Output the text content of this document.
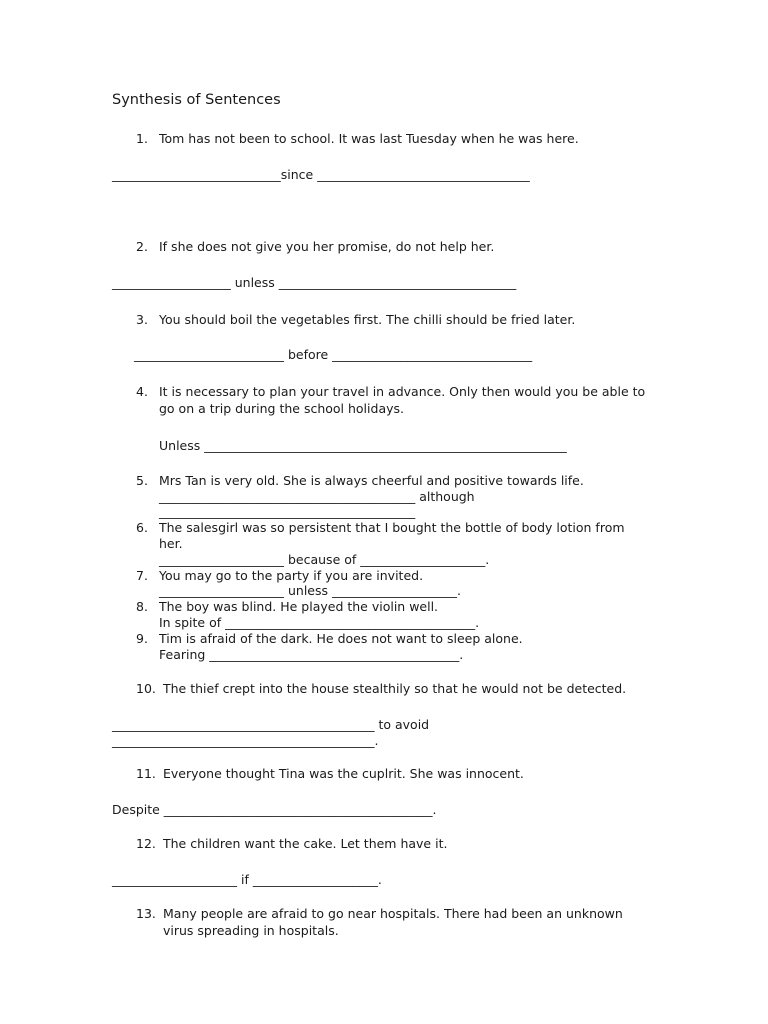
Synthesis of Sentences
1. Tom has not been to school. It was last Tuesday when he was here.
___________________________since __________________________________
2. If she does not give you her promise, do not help her.
___________________ unless ______________________________________
3. You should boil the vegetables first. The chilli should be fried later.
________________________ before ________________________________
4. It is necessary to plan your travel in advance. Only then would you be able to
go on a trip during the school holidays.
Unless __________________________________________________________
5. Mrs Tan is very old. She is always cheerful and positive towards life.
_________________________________________ although
_________________________________________
6. The salesgirl was so persistent that I bought the bottle of body lotion from
her.
____________________ because of ____________________.
7. You may go to the party if you are invited.
____________________ unless ____________________.
8. The boy was blind. He played the violin well.
In spite of ________________________________________.
9. Tim is afraid of the dark. He does not want to sleep alone.
Fearing ________________________________________.
10. The thief crept into the house stealthily so that he would not be detected.
__________________________________________ to avoid
__________________________________________.
11. Everyone thought Tina was the cuplrit. She was innocent.
Despite ___________________________________________.
12. The children want the cake. Let them have it.
____________________ if ____________________.
13. Many people are afraid to go near hospitals. There had been an unknown
virus spreading in hospitals.
